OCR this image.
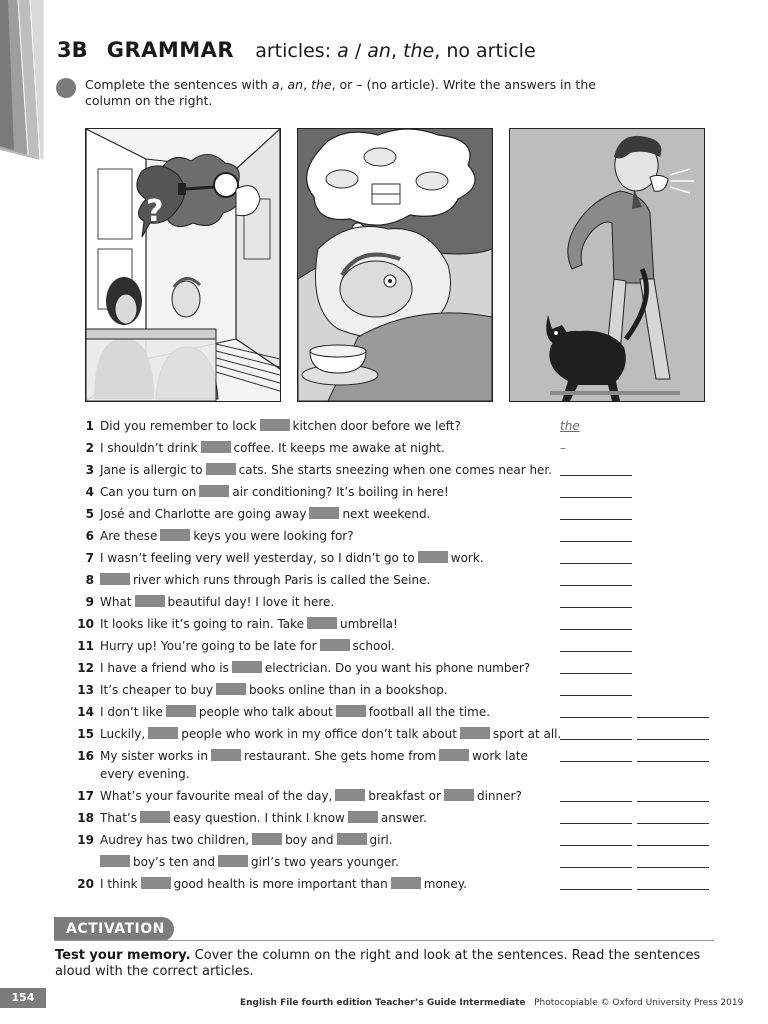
3B GRAMMAR articles: a / an, the, no article
Complete the sentences with a, an, the, or – (no article). Write the answers in the column on the right.
?
1 Did you remember to lock	kitchen door before we left?	the
2 I shouldn’t drink	coffee. It keeps me awake at night.	–
3 Jane is allergic to	cats. She starts sneezing when one comes near her.
4 Can you turn on	air conditioning? It’s boiling in here!
5 José and Charlotte are going away	next weekend.
6 Are these	keys you were looking for?
7 I wasn’t feeling very well yesterday, so I didn’t go to	work.
8	river which runs through Paris is called the Seine.
9 What	beautiful day! I love it here.
10 It looks like it’s going to rain. Take	umbrella!
11 Hurry up! You’re going to be late for	school.
12 I have a friend who is	electrician. Do you want his phone number?
13 It’s cheaper to buy	books online than in a bookshop.
14 I don’t like	people who talk about	football all the time.
15 Luckily,	people who work in my office don’t talk about	sport at all.
16 My sister works in	restaurant. She gets home from	work late
every evening.
17 What’s your favourite meal of the day,	breakfast or	dinner?
18 That’s	easy question. I think I know	answer.
19 Audrey has two children,	boy and	girl.
boy’s ten and	girl’s two years younger.
20 I think	good health is more important than	money.
ACTIVATION
Test your memory. Cover the column on the right and look at the sentences. Read the sentences aloud with the correct articles.
154	English File fourth edition Teacher’s Guide Intermediate Photocopiable © Oxford University Press 2019
